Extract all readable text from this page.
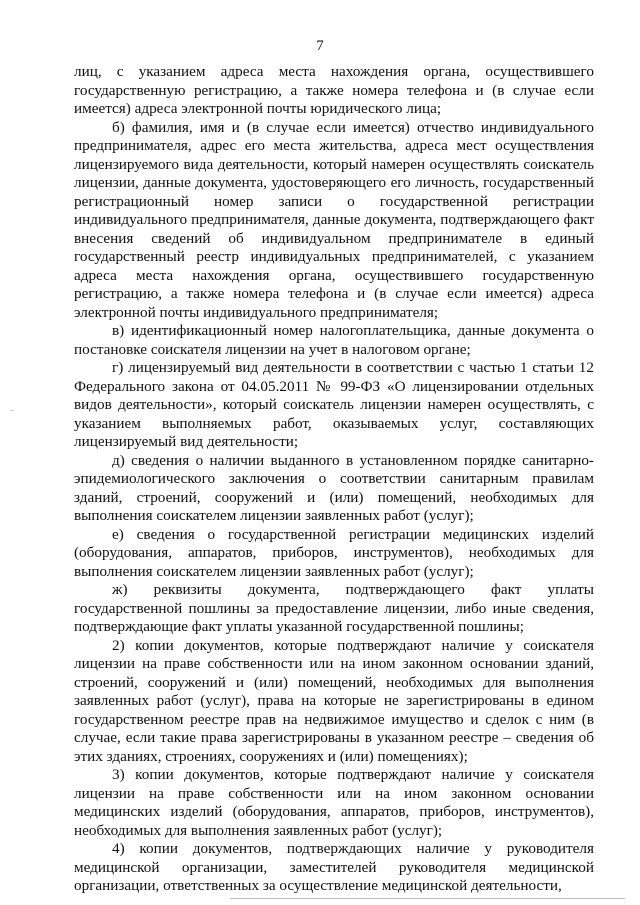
7

лиц, с указанием адреса места нахождения органа, осуществившего государственную регистрацию, а также номера телефона и (в случае если имеется) адреса электронной почты юридического лица;

б) фамилия, имя и (в случае если имеется) отчество индивидуального предпринимателя, адрес его места жительства, адреса мест осуществления лицензируемого вида деятельности, который намерен осуществлять соискатель лицензии, данные документа, удостоверяющего его личность, государственный регистрационный номер записи о государственной регистрации индивидуального предпринимателя, данные документа, подтверждающего факт внесения сведений об индивидуальном предпринимателе в единый государственный реестр индивидуальных предпринимателей, с указанием адреса места нахождения органа, осуществившего государственную регистрацию, а также номера телефона и (в случае если имеется) адреса электронной почты индивидуального предпринимателя;

в) идентификационный номер налогоплательщика, данные документа о постановке соискателя лицензии на учет в налоговом органе;

г) лицензируемый вид деятельности в соответствии с частью 1 статьи 12 Федерального закона от 04.05.2011 № 99-ФЗ «О лицензировании отдельных видов деятельности», который соискатель лицензии намерен осуществлять, с указанием выполняемых работ, оказываемых услуг, составляющих лицензируемый вид деятельности;

д) сведения о наличии выданного в установленном порядке санитарно-эпидемиологического заключения о соответствии санитарным правилам зданий, строений, сооружений и (или) помещений, необходимых для выполнения соискателем лицензии заявленных работ (услуг);

е) сведения о государственной регистрации медицинских изделий (оборудования, аппаратов, приборов, инструментов), необходимых для выполнения соискателем лицензии заявленных работ (услуг);

ж) реквизиты документа, подтверждающего факт уплаты государственной пошлины за предоставление лицензии, либо иные сведения, подтверждающие факт уплаты указанной государственной пошлины;

2) копии документов, которые подтверждают наличие у соискателя лицензии на праве собственности или на ином законном основании зданий, строений, сооружений и (или) помещений, необходимых для выполнения заявленных работ (услуг), права на которые не зарегистрированы в едином государственном реестре прав на недвижимое имущество и сделок с ним (в случае, если такие права зарегистрированы в указанном реестре – сведения об этих зданиях, строениях, сооружениях и (или) помещениях);

3) копии документов, которые подтверждают наличие у соискателя лицензии на праве собственности или на ином законном основании медицинских изделий (оборудования, аппаратов, приборов, инструментов), необходимых для выполнения заявленных работ (услуг);

4) копии документов, подтверждающих наличие у руководителя медицинской организации, заместителей руководителя медицинской организации, ответственных за осуществление медицинской деятельности,
